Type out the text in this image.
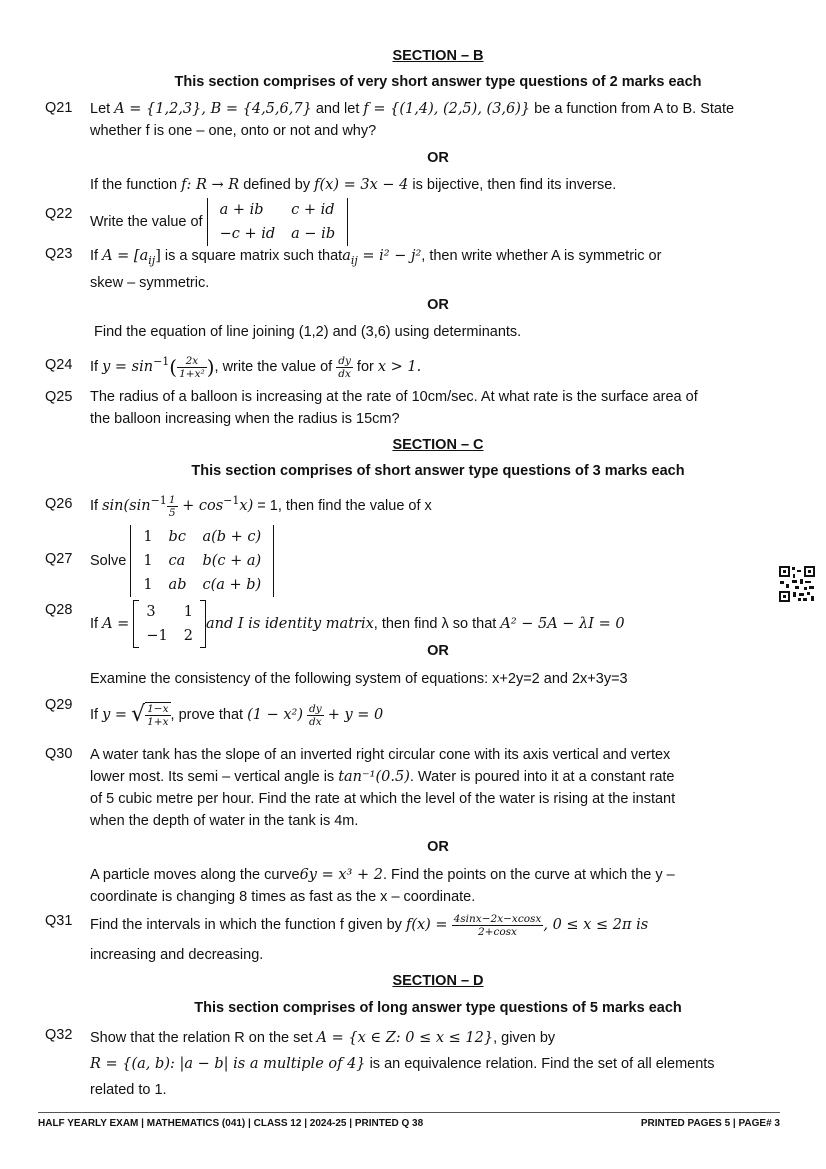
SECTION – B
This section comprises of very short answer type questions of 2 marks each
Q21 Let A = {1,2,3}, B = {4,5,6,7} and let f = {(1,4), (2,5), (3,6)} be a function from A to B. State
whether f is one – one, onto or not and why?
OR
If the function f: R → R defined by f(x) = 3x − 4 is bijective, then find its inverse.
Q22 Write the value of
a + ib	c + id
−c + id	a − ib
Q23 If $A = [a_{ij}]$ is a square matrix such thata$_{ij}$ = i² − j², then write whether A is symmetric or
skew – symmetric.
OR
Find the equation of line joining (1,2) and (3,6) using determinants.
Q24 If $y = \sin^{-1}( \frac{2x}{\text{1+x²}}$ ), write the value of $\frac{dy}{dx}$ for x > 1.
Q25 The radius of a balloon is increasing at the rate of 10cm/sec. At what rate is the surface area of
the balloon increasing when the radius is 15cm?
SECTION – C
This section comprises of short answer type questions of 3 marks each
Q26 If $\sin(\sin^{-1} \frac{1}{5} + \cos^{-1}x) = 1$, then find the value of x
Q27 Solve
1	bc	a(b + c)
1	ca	b(c + a)
1	ab	c(a + b)
Q28
If A =
3	1
−1	2
and I is identity matrix, then find λ so that A² − 5A − λI = 0
OR
Examine the consistency of the following system of equations: x+2y=2 and 2x+3y=3
Q29
If y = √ $\frac{1-x}{1+x}$ , prove that $(1 - x^2) \frac{dy}{dx} + y = 0$
Q30 A water tank has the slope of an inverted right circular cone with its axis vertical and vertex
lower most. Its semi – vertical angle is tan⁻¹(0.5). Water is poured into it at a constant rate
of 5 cubic metre per hour. Find the rate at which the level of the water is rising at the instant
when the depth of water in the tank is 4m.
OR
A particle moves along the curve6y = x³ + 2. Find the points on the curve at which the y –
coordinate is changing 8 times as fast as the x – coordinate.
Q31 Find the intervals in which the function f given by $f(x) = \frac{4\sin x-2x-xcosx}{2+\cos x}$ , 0 ≤ x ≤ 2π is

increasing and decreasing.
SECTION – D
This section comprises of long answer type questions of 5 marks each
Q32 Show that the relation R on the set A = {x ∈ Z: 0 ≤ x ≤ 12}, given by
R = {(a, b): |a − b| is a multiple of 4} is an equivalence relation. Find the set of all elements
related to 1.
HALF YEARLY EXAM | MATHEMATICS (041) | CLASS 12 | 2024-25 | PRINTED Q 38	PRINTED PAGES 5 | PAGE# 3
